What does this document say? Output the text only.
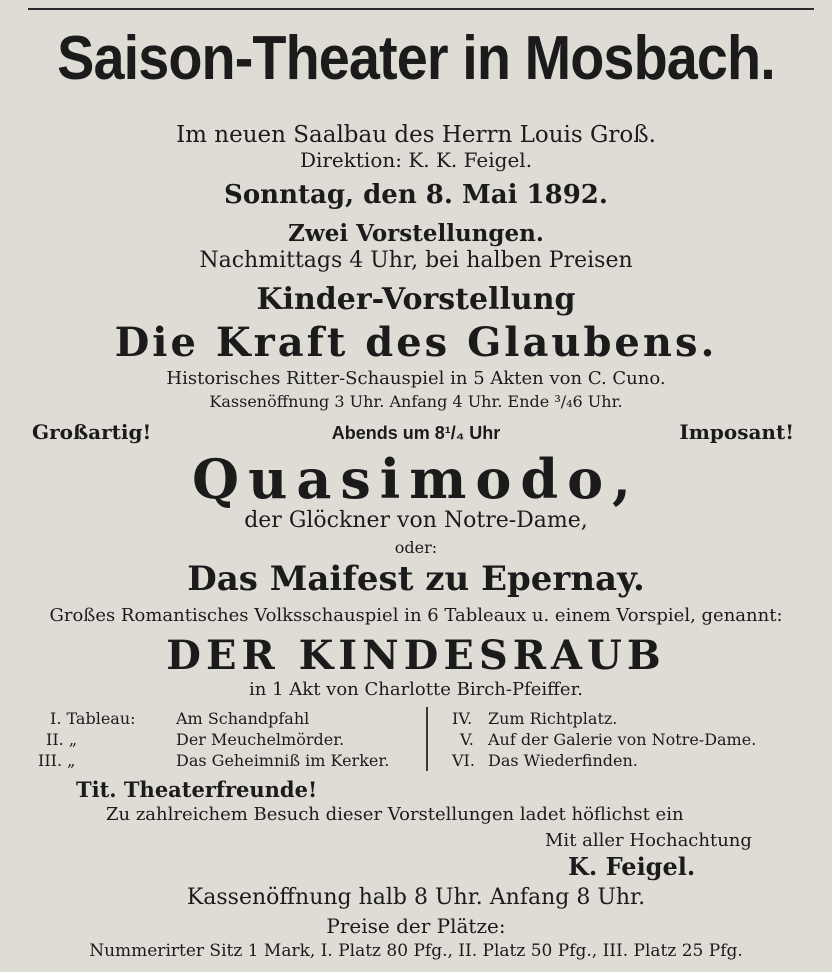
Saison-Theater in Mosbach.
Im neuen Saalbau des Herrn Louis Groß.
Direktion: K. K. Feigel.
Sonntag, den 8. Mai 1892.
Zwei Vorstellungen.
Nachmittags 4 Uhr, bei halben Preisen
Kinder-Vorstellung
Die Kraft des Glaubens.
Historisches Ritter-Schauspiel in 5 Akten von C. Cuno.
Kassenöffnung 3 Uhr. Anfang 4 Uhr. Ende ³/₄6 Uhr.
Großartig!	Abends um 8¹/₄ Uhr	Imposant!
Quasimodo,
der Glöckner von Notre-Dame,
oder:
Das Maifest zu Epernay.
Großes Romantisches Volksschauspiel in 6 Tableaux u. einem Vorspiel, genannt:
DER KINDESRAUB
in 1 Akt von Charlotte Birch-Pfeiffer.
I. Tableau:	Am Schandpfahl
II. „	Der Meuchelmörder.
III. „	Das Geheimniß im Kerker.
IV. Zum Richtplatz.
V. Auf der Galerie von Notre-Dame.
VI. Das Wiederfinden.
Tit. Theaterfreunde!
Zu zahlreichem Besuch dieser Vorstellungen ladet höflichst ein
Mit aller Hochachtung
K. Feigel.
Kassenöffnung halb 8 Uhr. Anfang 8 Uhr.
Preise der Plätze:
Nummerirter Sitz 1 Mark, I. Platz 80 Pfg., II. Platz 50 Pfg., III. Platz 25 Pfg.
